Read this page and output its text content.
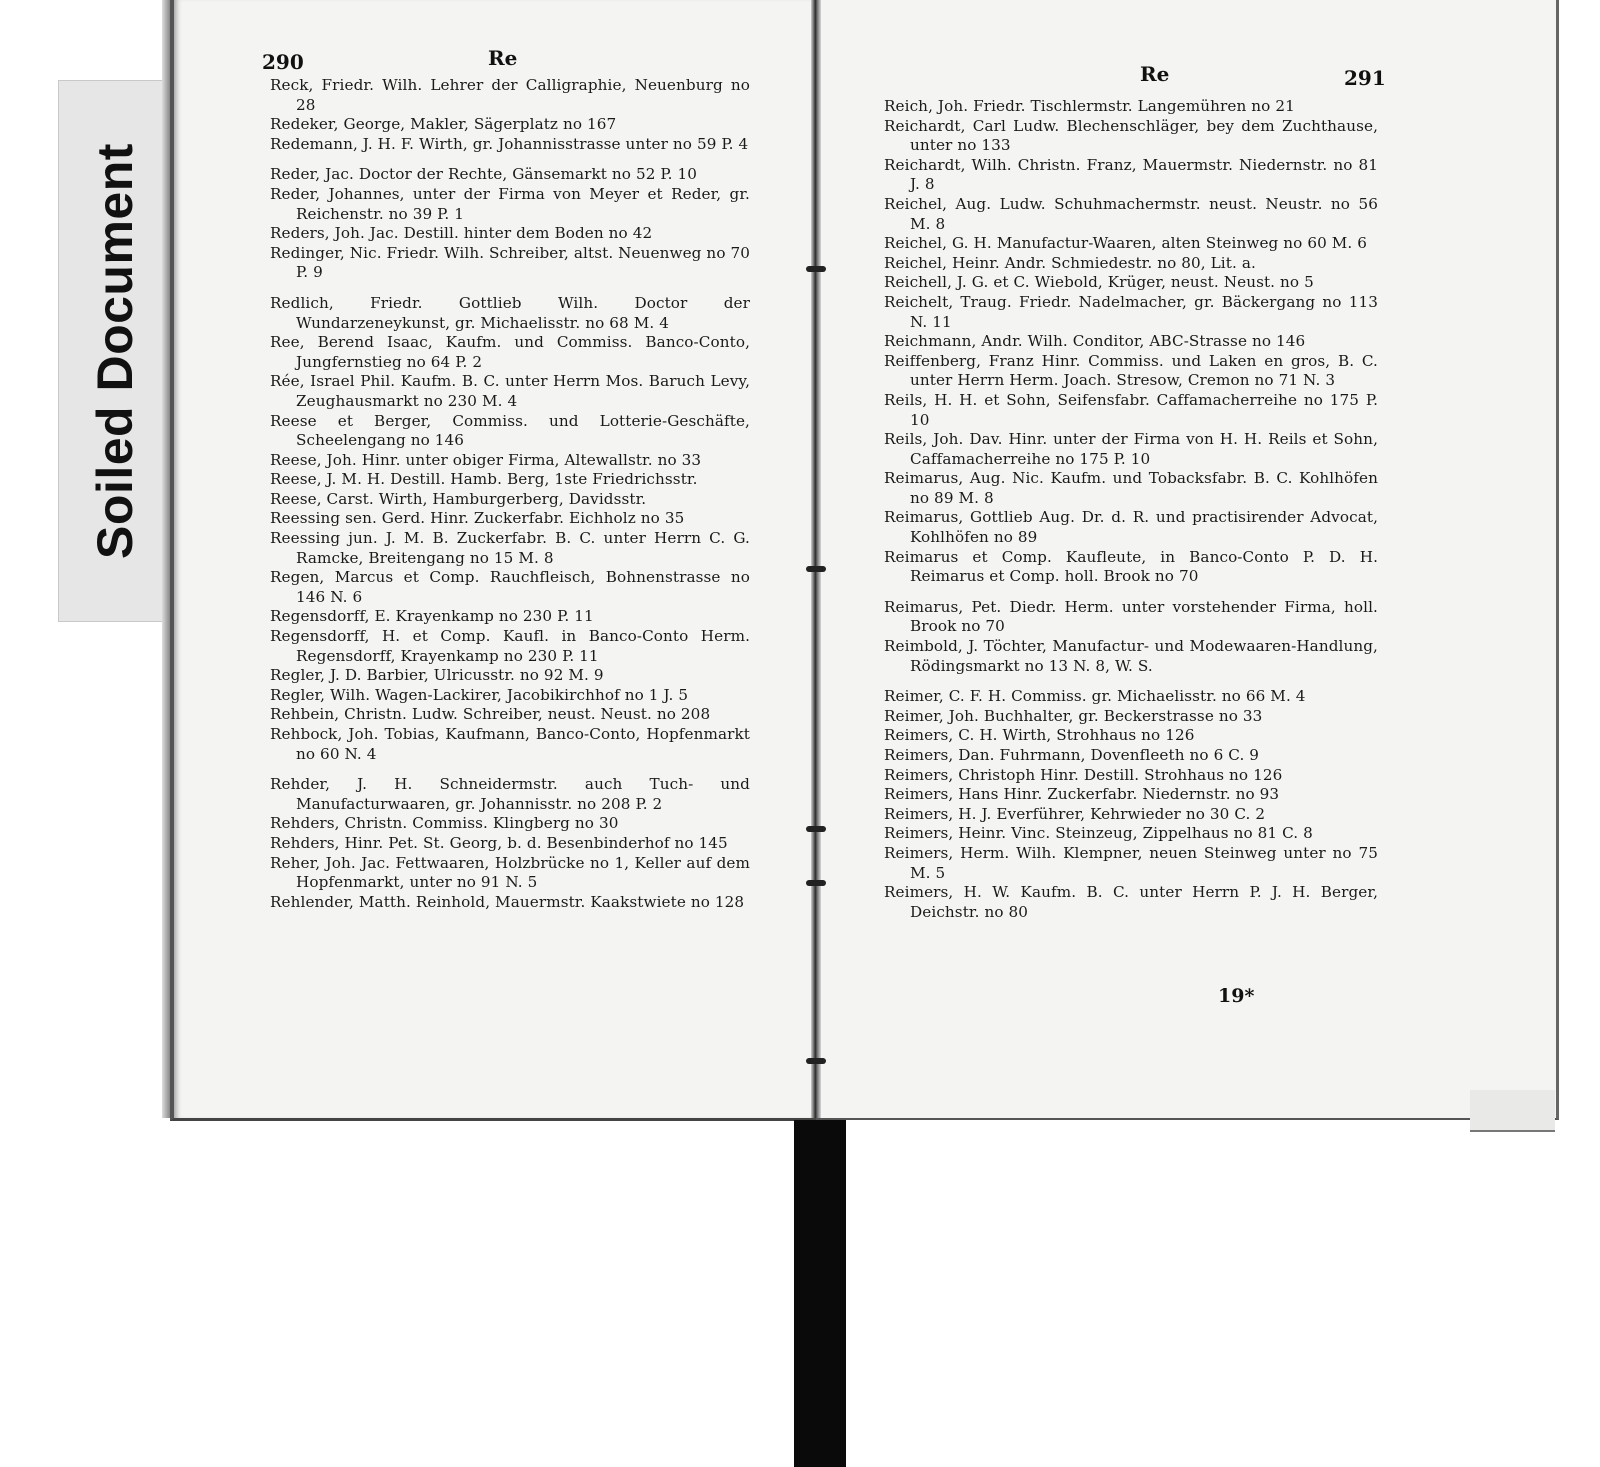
Soiled Document
290	Re
Re	291

Reck, Friedr. Wilh. Lehrer der Calligraphie, Neuenburg no 28

Redeker, George, Makler, Sägerplatz no 167

Redemann, J. H. F. Wirth, gr. Johannisstrasse unter no 59 P. 4

Reder, Jac. Doctor der Rechte, Gänsemarkt no 52 P. 10

Reder, Johannes, unter der Firma von Meyer et Reder, gr. Reichenstr. no 39 P. 1

Reders, Joh. Jac. Destill. hinter dem Boden no 42

Redinger, Nic. Friedr. Wilh. Schreiber, altst. Neuenweg no 70 P. 9

Redlich, Friedr. Gottlieb Wilh. Doctor der Wundarzeneykunst, gr. Michaelisstr. no 68 M. 4

Ree, Berend Isaac, Kaufm. und Commiss. Banco-Conto, Jungfernstieg no 64 P. 2

Rée, Israel Phil. Kaufm. B. C. unter Herrn Mos. Baruch Levy, Zeughausmarkt no 230 M. 4

Reese et Berger, Commiss. und Lotterie-Geschäfte, Scheelengang no 146

Reese, Joh. Hinr. unter obiger Firma, Altewallstr. no 33

Reese, J. M. H. Destill. Hamb. Berg, 1ste Friedrichsstr.

Reese, Carst. Wirth, Hamburgerberg, Davidsstr.

Reessing sen. Gerd. Hinr. Zuckerfabr. Eichholz no 35

Reessing jun. J. M. B. Zuckerfabr. B. C. unter Herrn C. G. Ramcke, Breitengang no 15 M. 8

Regen, Marcus et Comp. Rauchfleisch, Bohnenstrasse no 146 N. 6

Regensdorff, E. Krayenkamp no 230 P. 11

Regensdorff, H. et Comp. Kaufl. in Banco-Conto Herm. Regensdorff, Krayenkamp no 230 P. 11

Regler, J. D. Barbier, Ulricusstr. no 92 M. 9

Regler, Wilh. Wagen-Lackirer, Jacobikirchhof no 1 J. 5

Rehbein, Christn. Ludw. Schreiber, neust. Neust. no 208

Rehbock, Joh. Tobias, Kaufmann, Banco-Conto, Hopfenmarkt no 60 N. 4

Rehder, J. H. Schneidermstr. auch Tuch- und Manufacturwaaren, gr. Johannisstr. no 208 P. 2

Rehders, Christn. Commiss. Klingberg no 30

Rehders, Hinr. Pet. St. Georg, b. d. Besenbinderhof no 145

Reher, Joh. Jac. Fettwaaren, Holzbrücke no 1, Keller auf dem Hopfenmarkt, unter no 91 N. 5

Rehlender, Matth. Reinhold, Mauermstr. Kaakstwiete no 128

Reich, Joh. Friedr. Tischlermstr. Langemühren no 21

Reichardt, Carl Ludw. Blechenschläger, bey dem Zuchthause, unter no 133

Reichardt, Wilh. Christn. Franz, Mauermstr. Niedernstr. no 81 J. 8

Reichel, Aug. Ludw. Schuhmachermstr. neust. Neustr. no 56 M. 8

Reichel, G. H. Manufactur-Waaren, alten Steinweg no 60 M. 6

Reichel, Heinr. Andr. Schmiedestr. no 80, Lit. a.

Reichell, J. G. et C. Wiebold, Krüger, neust. Neust. no 5

Reichelt, Traug. Friedr. Nadelmacher, gr. Bäckergang no 113 N. 11

Reichmann, Andr. Wilh. Conditor, ABC-Strasse no 146

Reiffenberg, Franz Hinr. Commiss. und Laken en gros, B. C. unter Herrn Herm. Joach. Stresow, Cremon no 71 N. 3

Reils, H. H. et Sohn, Seifensfabr. Caffamacherreihe no 175 P. 10

Reils, Joh. Dav. Hinr. unter der Firma von H. H. Reils et Sohn, Caffamacherreihe no 175 P. 10

Reimarus, Aug. Nic. Kaufm. und Tobacksfabr. B. C. Kohlhöfen no 89 M. 8

Reimarus, Gottlieb Aug. Dr. d. R. und practisirender Advocat, Kohlhöfen no 89

Reimarus et Comp. Kaufleute, in Banco-Conto P. D. H. Reimarus et Comp. holl. Brook no 70

Reimarus, Pet. Diedr. Herm. unter vorstehender Firma, holl. Brook no 70

Reimbold, J. Töchter, Manufactur- und Modewaaren-Handlung, Rödingsmarkt no 13 N. 8, W. S.

Reimer, C. F. H. Commiss. gr. Michaelisstr. no 66 M. 4

Reimer, Joh. Buchhalter, gr. Beckerstrasse no 33

Reimers, C. H. Wirth, Strohhaus no 126

Reimers, Dan. Fuhrmann, Dovenfleeth no 6 C. 9

Reimers, Christoph Hinr. Destill. Strohhaus no 126

Reimers, Hans Hinr. Zuckerfabr. Niedernstr. no 93

Reimers, H. J. Everführer, Kehrwieder no 30 C. 2

Reimers, Heinr. Vinc. Steinzeug, Zippelhaus no 81 C. 8

Reimers, Herm. Wilh. Klempner, neuen Steinweg unter no 75 M. 5

Reimers, H. W. Kaufm. B. C. unter Herrn P. J. H. Berger, Deichstr. no 80

19*
